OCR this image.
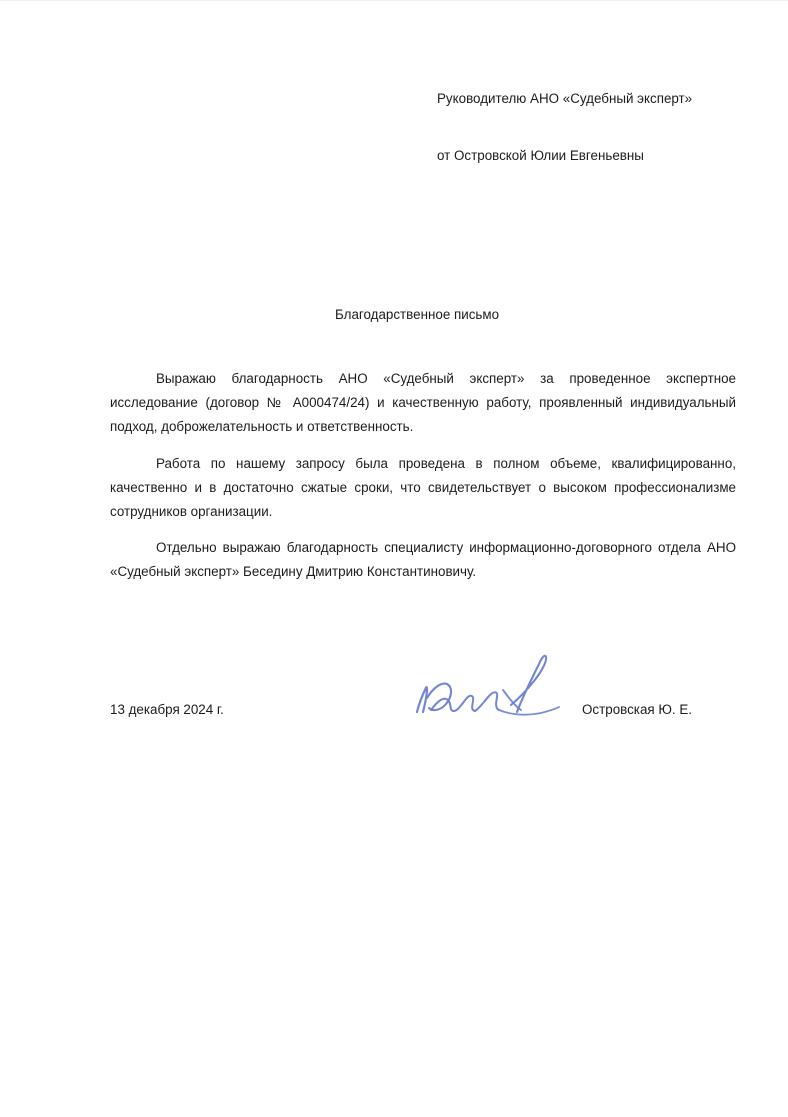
Руководителю АНО «Судебный эксперт»
от Островской Юлии Евгеньевны
Благодарственное письмо

Выражаю благодарность АНО «Судебный эксперт» за проведенное экспертное исследование (договор № А000474/24) и качественную работу, проявленный индивидуальный подход, доброжелательность и ответственность.

Работа по нашему запросу была проведена в полном объеме, квалифицированно, качественно и в достаточно сжатые сроки, что свидетельствует о высоком профессионализме сотрудников организации.

Отдельно выражаю благодарность специалисту информационно-договорного отдела АНО «Судебный эксперт» Беседину Дмитрию Константиновичу.

13 декабря 2024 г.	Островская Ю. Е.
